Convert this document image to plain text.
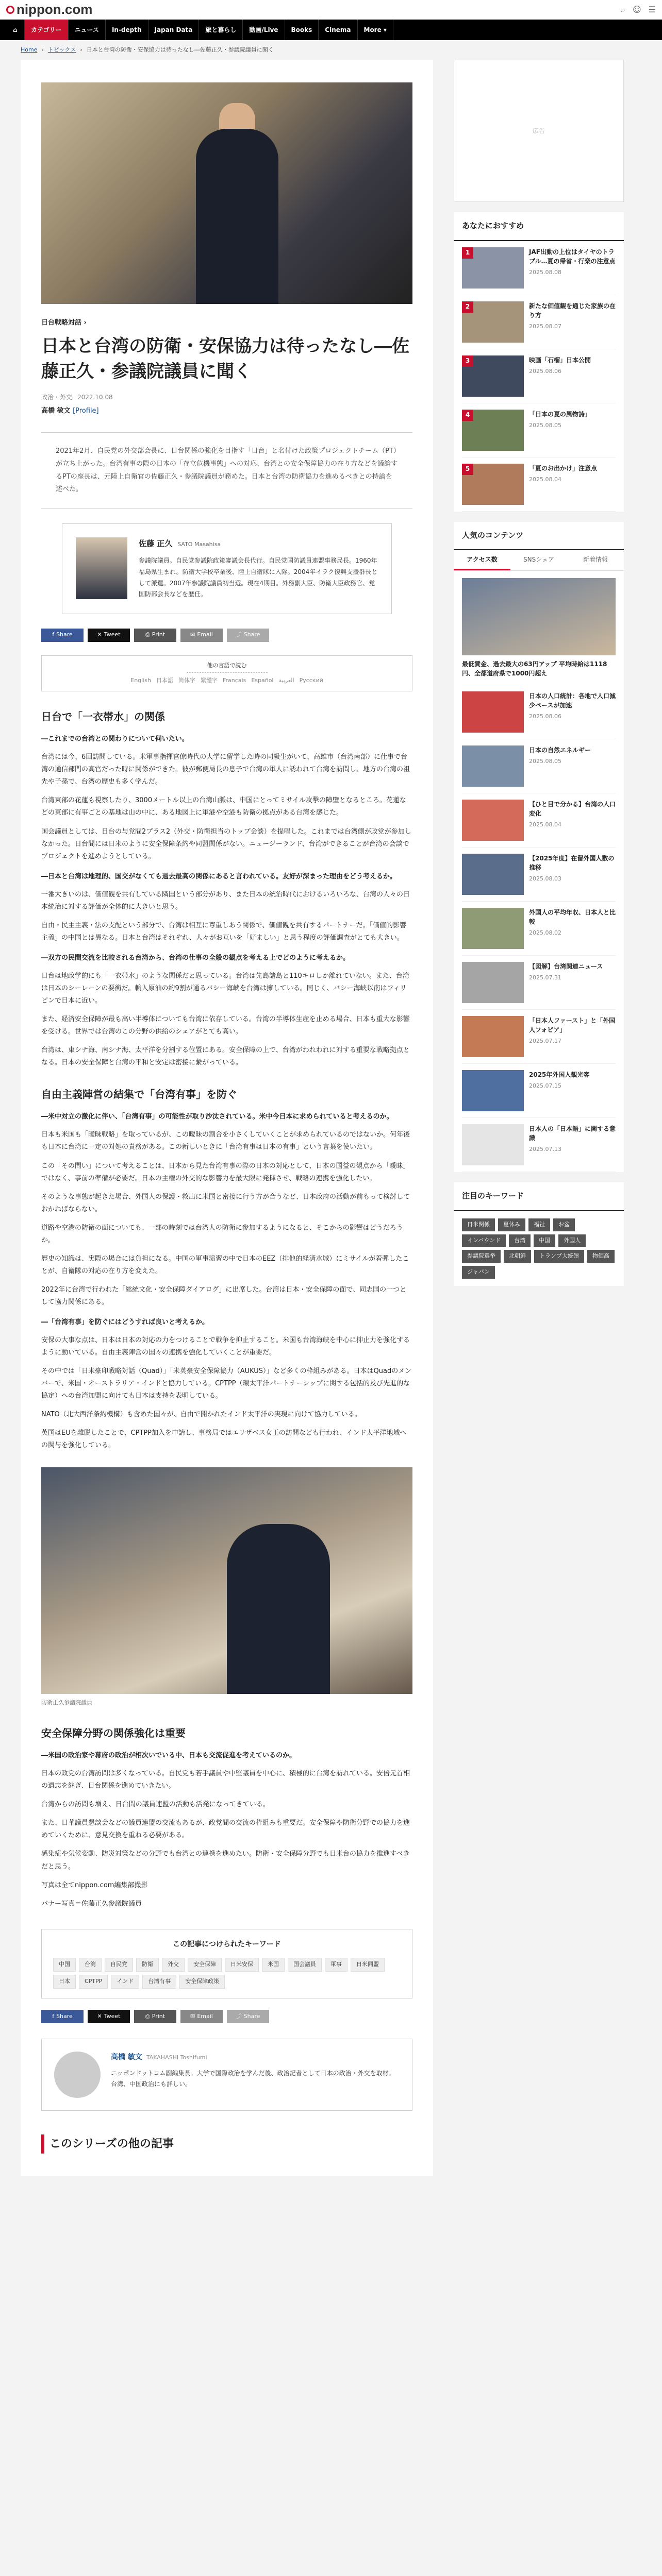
nippon.com	⌕ ☺ ☰
⌂	カテゴリー	ニュース	In-depth	Japan Data	旅と暮らし	動画/Live	Books	Cinema	More ▾
Home › トピックス › 日本と台湾の防衛・安保協力は待ったなし―佐藤正久・参議院議員に聞く
日台戦略対話 ›
日本と台湾の防衛・安保協力は待ったなし―佐藤正久・参議院議員に聞く
政治・外交 2022.10.08
高橋 敏文 [Profile]
2021年2月、自民党の外交部会長に、日台関係の強化を目指す「日台」と名付けた政策プロジェクトチーム（PT）が立ち上がった。台湾有事の際の日本の「存立危機事態」への対応、台湾との安全保障協力の在り方などを議論するPTの座長は、元陸上自衛官の佐藤正久・参議院議員が務めた。日本と台湾の防衛協力を進めるべきとの持論を述べた。
佐藤 正久 SATO Masahisa
参議院議員。自民党参議院政策審議会長代行。自民党国防議員連盟事務局長。1960年福島県生まれ。防衛大学校卒業後、陸上自衛隊に入隊。2004年イラク復興支援群長として派遣。2007年参議院議員初当選。現在4期目。外務副大臣、防衛大臣政務官、党国防部会長などを歴任。
f Share	✕ Tweet	⎙ Print	✉ Email	⤴ Share
他の言語で読む
English 日本語 简体字 繁體字 Français Español العربية Русский
日台で「一衣帯水」の関係
―これまでの台湾との関わりについて伺いたい。

台湾には今、6回訪問している。米軍事指揮官僚時代の大学に留学した時の同級生がいて、高雄市（台湾南部）に仕事で台湾の通信部門の高官だった時に関係ができた。彼が郵便局長の息子で台湾の軍人に誘われて台湾を訪問し、地方の台湾の祖先や子孫で、台湾の歴史も多く学んだ。

台湾東部の花蓮も視察したり、3000メートル以上の台湾山脈は、中国にとってミサイル攻撃の障壁となるところ。花蓮などの東部に有事ごとの基地は山の中に、ある地図上に軍港や空港も防衛の拠点がある台湾を感じた。

国会議員としては、日台の与党間2プラス2（外交・防衛担当のトップ会談）を提唱した。これまでは台湾側が政党が参加しなかった。日台間には日米のように安全保障条約や同盟関係がない。ニュージーランド、台湾ができることが台湾の会談でプロジェクトを進めようとしている。

―日本と台湾は地理的、国交がなくても過去最高の関係にあると言われている。友好が深まった理由をどう考えるか。

一番大きいのは、価値観を共有している隣国という部分があり、また日本の統治時代におけるいろいろな、台湾の人々の日本統治に対する評価が全体的に大きいと思う。

自由・民主主義・法の支配という部分で、台湾は相互に尊重しあう関係で、価値観を共有するパートナーだ。「価値的影響主義」の中国とは異なる。日本と台湾はそれぞれ、人々がお互いを「好ましい」と思う程度の評価調査がとても大きい。

―双方の民間交流を比較される台湾から、台湾の仕事の全般の観点を考える上でどのように考えるか。

日台は地政学的にも「一衣帯水」のような関係だと思っている。台湾は先島諸島と110キロしか離れていない。また、台湾は日本のシーレーンの要衝だ。輸入原油の約9割が通るバシー海峡を台湾は擁している。同じく、バシー海峡以南はフィリピンで日本に近い。

また、経済安全保障が最も高い半導体についても台湾に依存している。台湾の半導体生産を止める場合、日本も重大な影響を受ける。世界では台湾のこの分野の供給のシェアがとても高い。

台湾は、東シナ海、南シナ海、太平洋を分割する位置にある。安全保障の上で、台湾がわれわれに対する重要な戦略拠点となる。日本の安全保障と台湾の平和と安定は密接に繋がっている。

自由主義陣営の結集で「台湾有事」を防ぐ
―米中対立の激化に伴い、「台湾有事」の可能性が取り沙汰されている。米中今日本に求められていると考えるのか。

日本も米国も「曖昧戦略」を取っているが、この曖昧の割合を小さくしていくことが求められているのではないか。何年後も日本に台湾に一定の対処の責務がある。この新しいときに「台湾有事は日本の有事」という言葉を使いたい。

この「その問い」について考えることは、日本から見た台湾有事の際の日本の対応として、日本の国益の観点から「曖昧」ではなく、事前の準備が必要だ。日本の主権の外交的な影響力を最大限に発揮させ、戦略の連携を強化したい。

そのような事態が起きた場合、外国人の保護・救出に米国と密接に行う方が合うなど、日本政府の活動が前もって検討しておかねばならない。

道路や空港の防衛の面についても、一部の時刻では台湾人の防衛に参加するようになると、そこからの影響はどうだろうか。

歴史の知識は、実際の場合には負担になる。中国の軍事演習の中で日本のEEZ（排他的経済水域）にミサイルが着弾したことが、自衛隊の対応の在り方を変えた。

2022年に台湾で行われた「総統文化・安全保障ダイアログ」に出席した。台湾は日本・安全保障の面で、同志国の一つとして協力関係にある。

―「台湾有事」を防ぐにはどうすれば良いと考えるか。

安保の大事な点は、日本は日本の対応の力をつけることで戦争を抑止すること。米国も台湾海峡を中心に抑止力を強化するように動いている。自由主義陣営の国々の連携を強化していくことが重要だ。

その中では「日米豪印戦略対話（Quad）」「米英豪安全保障協力（AUKUS）」など多くの枠組みがある。日本はQuadのメンバーで、米国・オーストラリア・インドと協力している。CPTPP（環太平洋パートナーシップに関する包括的及び先進的な協定）への台湾加盟に向けても日本は支持を表明している。

NATO（北大西洋条約機構）も含めた国々が、自由で開かれたインド太平洋の実現に向けて協力している。

英国はEUを離脱したことで、CPTPP加入を申請し、事務局ではエリザベス女王の訪問なども行われ、インド太平洋地域への関与を強化している。

防衛正久参議院議員
安全保障分野の関係強化は重要
―米国の政治家や幕府の政治が相次いでいる中、日本も交流促進を考えているのか。

日本の政党の台湾訪問は多くなっている。自民党も若手議員や中堅議員を中心に、積極的に台湾を訪れている。安倍元首相の遺志を継ぎ、日台関係を進めていきたい。

台湾からの訪問も増え、日台間の議員連盟の活動も活発になってきている。

また、日華議員懇談会などの議員連盟の交流もあるが、政党間の交流の枠組みも重要だ。安全保障や防衛分野での協力を進めていくために、意見交換を重ねる必要がある。

感染症や気候変動、防災対策などの分野でも台湾との連携を進めたい。防衛・安全保障分野でも日米台の協力を推進すべきだと思う。

写真は全てnippon.com編集部撮影

バナー写真＝佐藤正久参議院議員

この記事につけられたキーワード
中国	台湾	自民党	防衛	外交	安全保障	日米安保	米国	国会議員	軍事	日米同盟
日本	CPTPP	インド	台湾有事	安全保障政策
f Share	✕ Tweet	⎙ Print	✉ Email	⤴ Share
高橋 敏文 TAKAHASHI Toshifumi
ニッポンドットコム副編集長。大学で国際政治を学んだ後、政治記者として日本の政治・外交を取材。台湾、中国政治にも詳しい。
このシリーズの他の記事
広告
あなたにおすすめ
1	JAF出動の上位はタイヤのトラブル…夏の帰省・行楽の注意点
2025.08.08
2	新たな価値観を通じた家族の在り方
2025.08.07
3	映画「石榴」日本公開
2025.08.06
4	「日本の夏の風物詩」
2025.08.05
5	「夏のお出かけ」注意点
2025.08.04
人気のコンテンツ
アクセス数	SNSシェア	新着情報
最低賃金、過去最大の63円アップ 平均時給は1118円、全都道府県で1000円超え
日本の人口統計：各地で人口減少ペースが加速
2025.08.06
日本の自然エネルギー
2025.08.05
【ひと目で分かる】台湾の人口変化
2025.08.04
【2025年度】在留外国人数の推移
2025.08.03
外国人の平均年収、日本人と比較
2025.08.02
【図解】台湾関連ニュース
2025.07.31
「日本人ファースト」と「外国人フォビア」
2025.07.17
2025年外国人観光客
2025.07.15
日本人の「日本語」に関する意識
2025.07.13
注目のキーワード
日米関係	夏休み	福祉	お盆
インバウンド	台湾	中国	外国人
参議院選挙	北朝鮮	トランプ大統領	物価高
ジャパン
